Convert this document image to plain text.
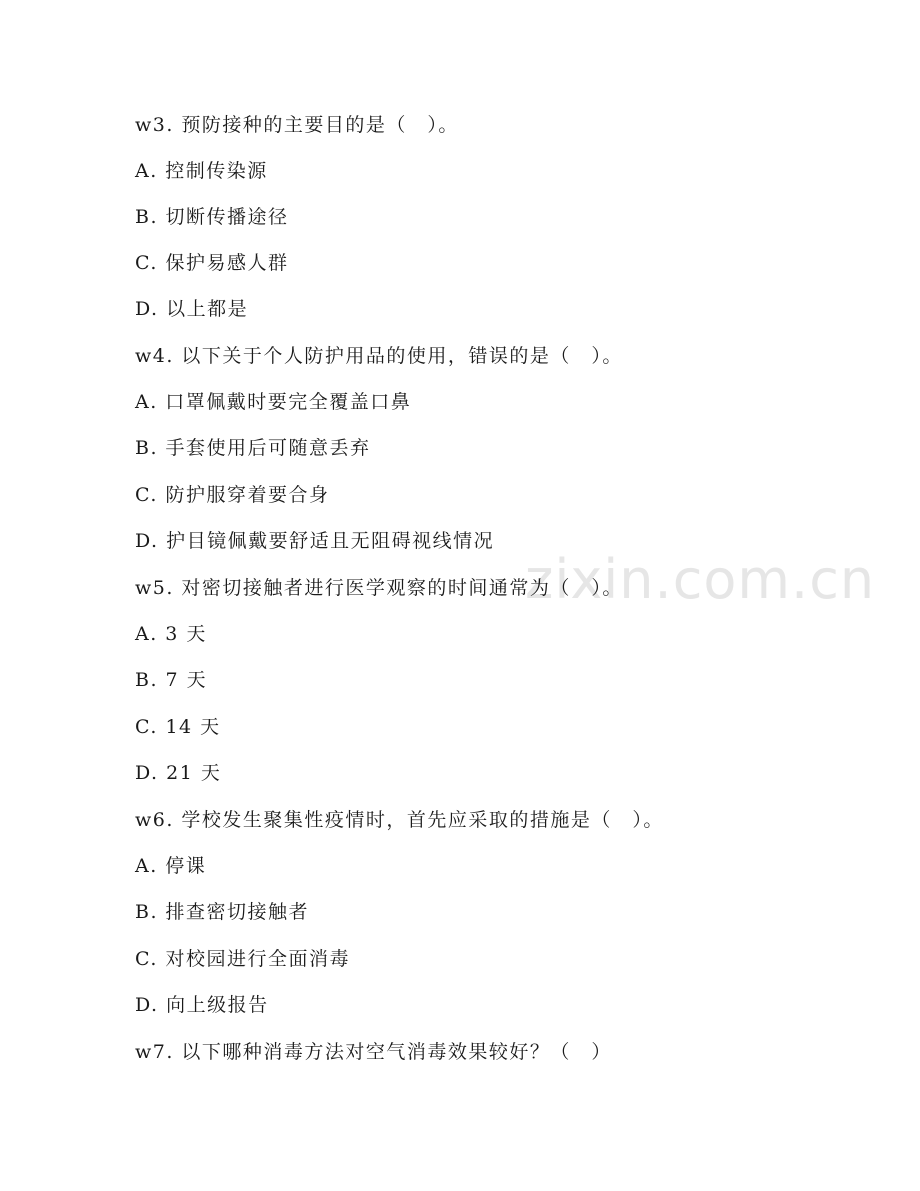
zixin.com.cn
w3. 预防接种的主要目的是（　）。
A. 控制传染源
B. 切断传播途径
C. 保护易感人群
D. 以上都是
w4. 以下关于个人防护用品的使用，错误的是（　）。
A. 口罩佩戴时要完全覆盖口鼻
B. 手套使用后可随意丢弃
C. 防护服穿着要合身
D. 护目镜佩戴要舒适且无阻碍视线情况
w5. 对密切接触者进行医学观察的时间通常为（　）。
A. 3 天
B. 7 天
C. 14 天
D. 21 天
w6. 学校发生聚集性疫情时，首先应采取的措施是（　）。
A. 停课
B. 排查密切接触者
C. 对校园进行全面消毒
D. 向上级报告
w7. 以下哪种消毒方法对空气消毒效果较好？（　）
